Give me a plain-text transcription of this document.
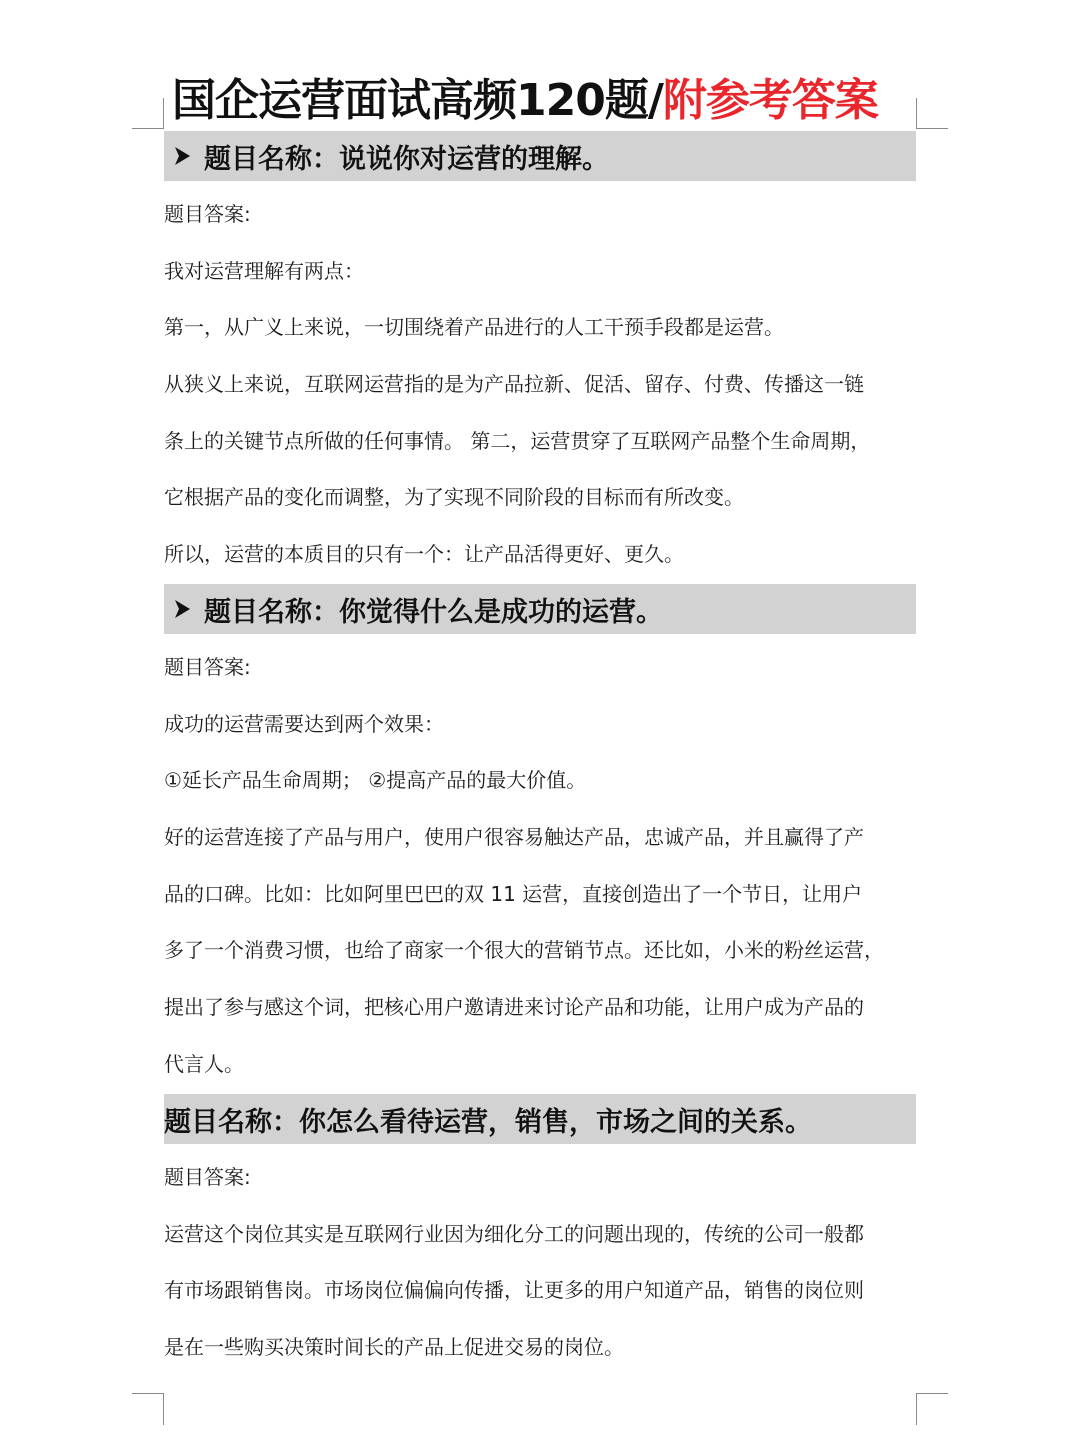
国企运营面试高频120题/附参考答案
题目名称：说说你对运营的理解。
题目答案:
我对运营理解有两点：
第一，从广义上来说，一切围绕着产品进行的人工干预手段都是运营。
从狭义上来说，互联网运营指的是为产品拉新、促活、留存、付费、传播这一链
条上的关键节点所做的任何事情。 第二，运营贯穿了互联网产品整个生命周期，
它根据产品的变化而调整，为了实现不同阶段的目标而有所改变。
所以，运营的本质目的只有一个：让产品活得更好、更久。
题目名称：你觉得什么是成功的运营。
题目答案:
成功的运营需要达到两个效果：
①延长产品生命周期； ②提高产品的最大价值。
好的运营连接了产品与用户，使用户很容易触达产品，忠诚产品，并且赢得了产
品的口碑。比如：比如阿里巴巴的双 11 运营，直接创造出了一个节日，让用户
多了一个消费习惯，也给了商家一个很大的营销节点。还比如，小米的粉丝运营，
提出了参与感这个词，把核心用户邀请进来讨论产品和功能，让用户成为产品的
代言人。
题目名称：你怎么看待运营，销售，市场之间的关系。
题目答案:
运营这个岗位其实是互联网行业因为细化分工的问题出现的，传统的公司一般都
有市场跟销售岗。市场岗位偏偏向传播，让更多的用户知道产品，销售的岗位则
是在一些购买决策时间长的产品上促进交易的岗位。
